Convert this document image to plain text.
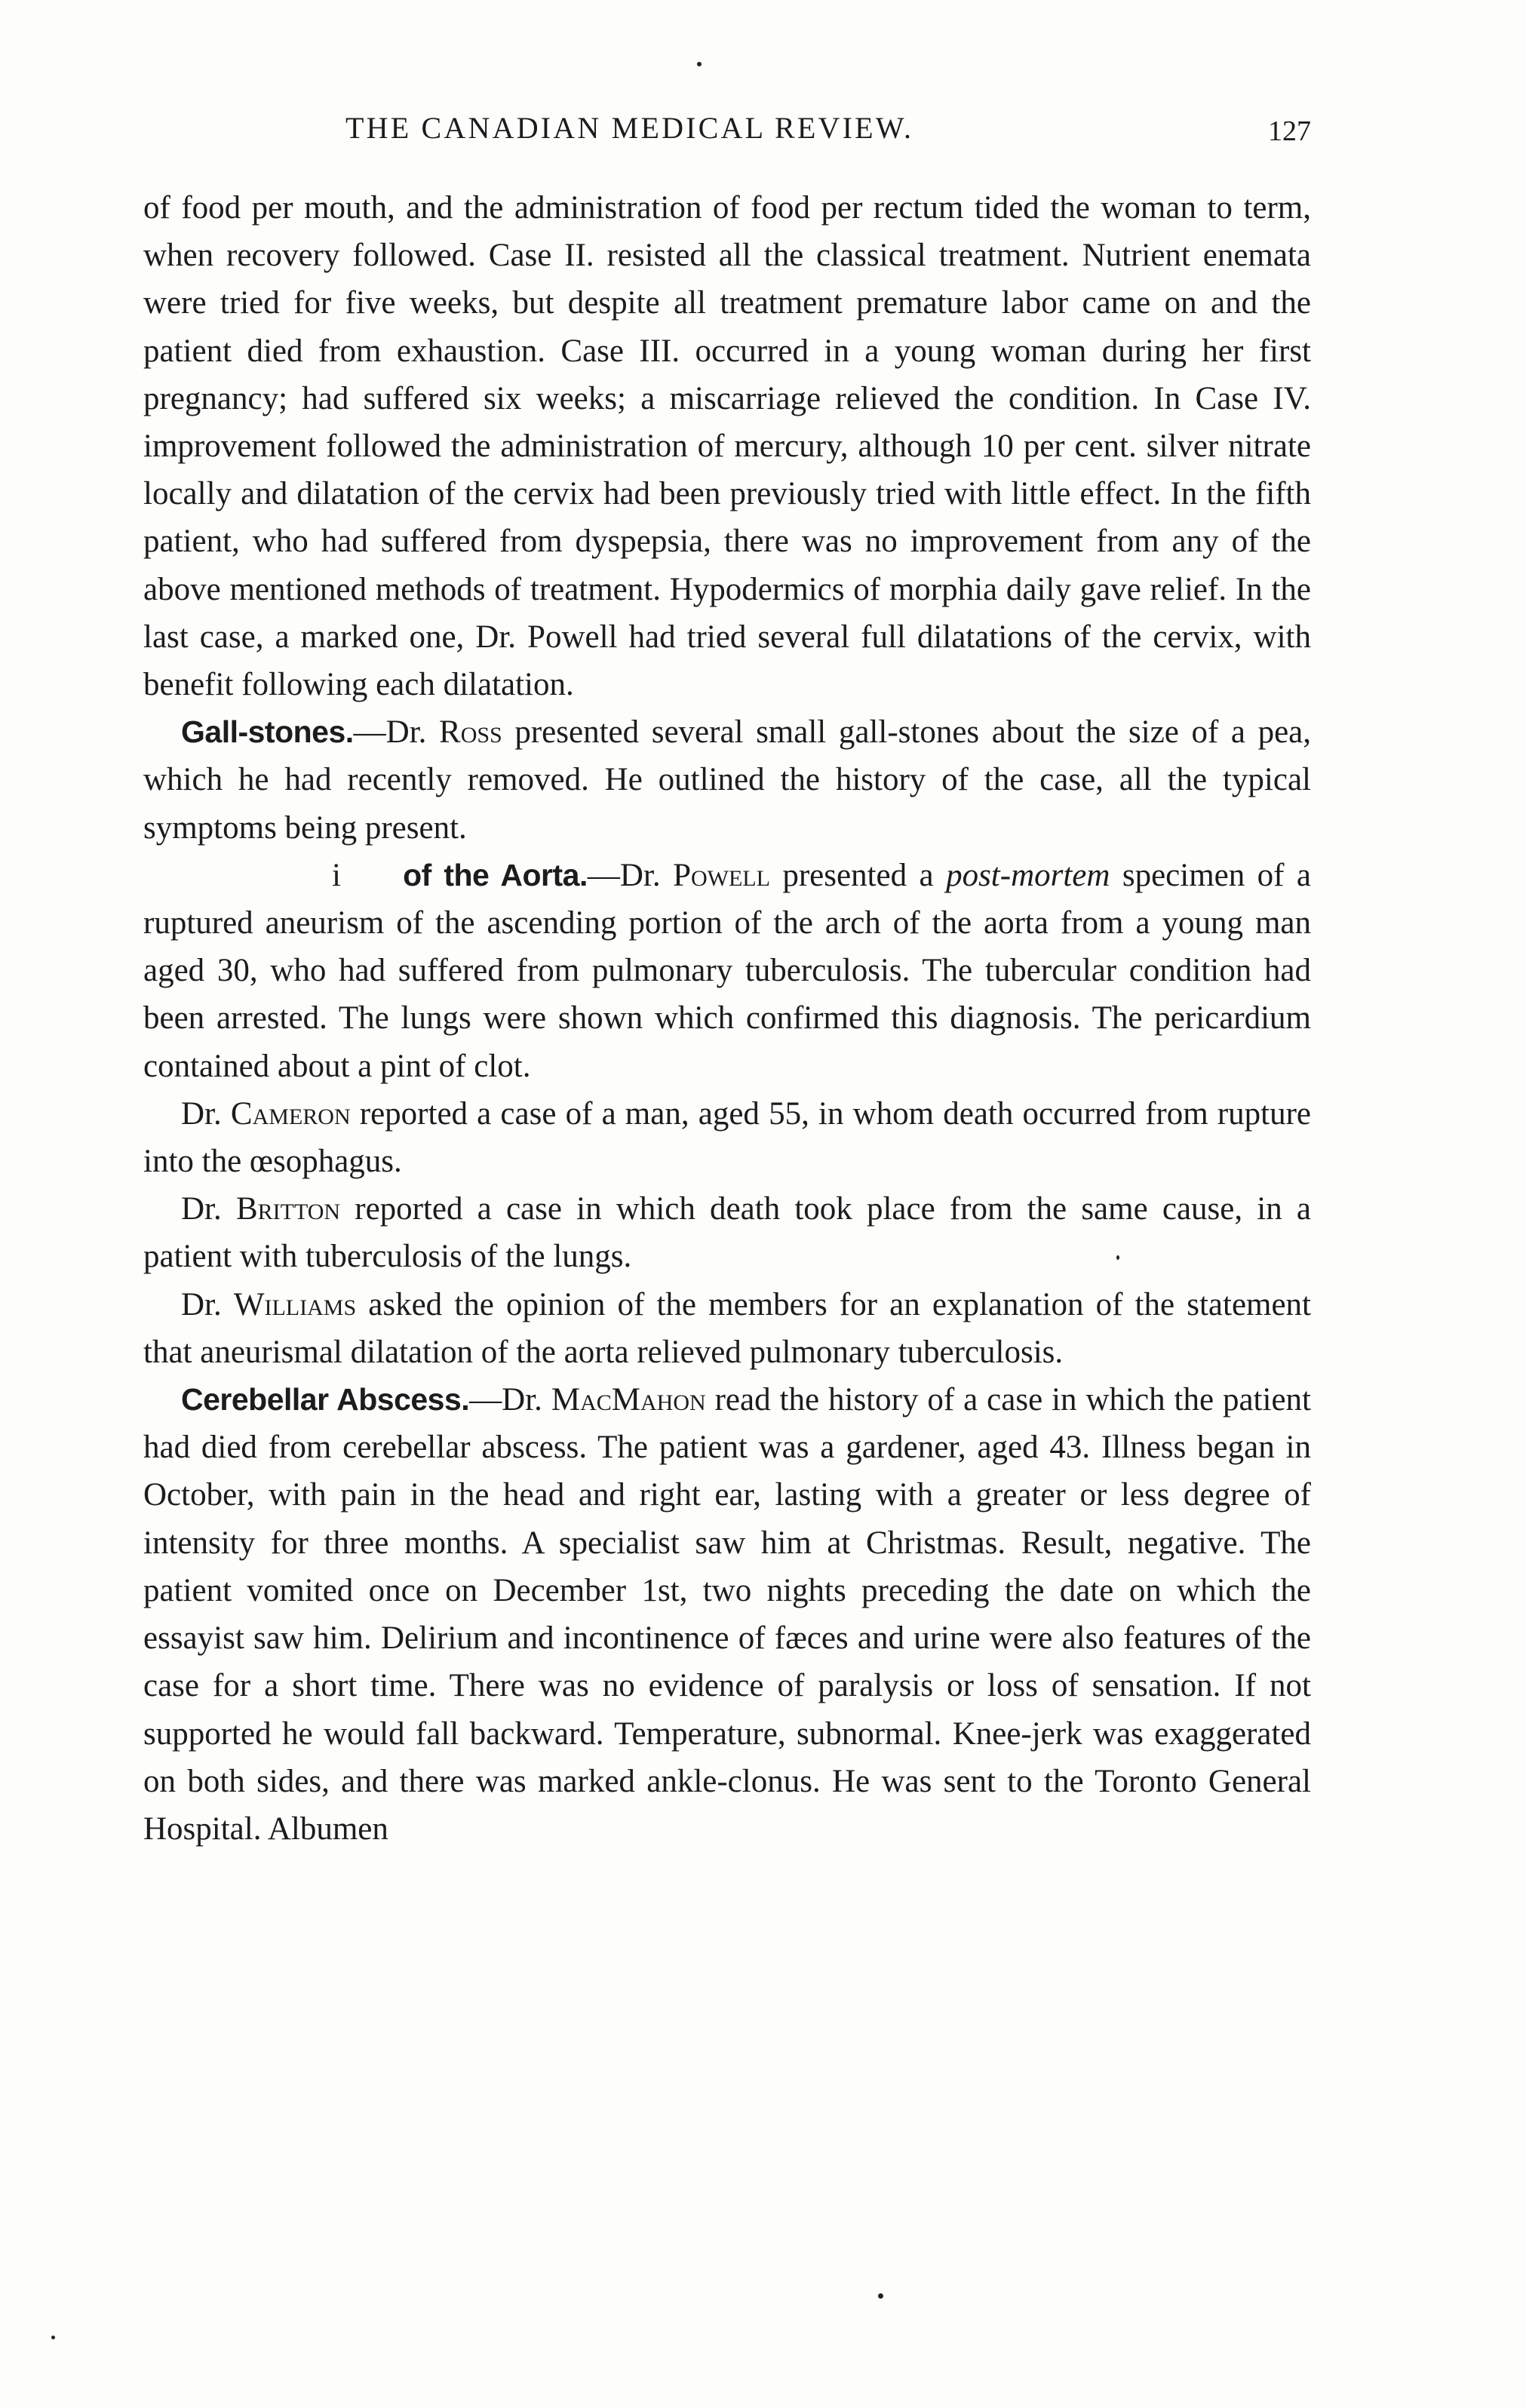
THE CANADIAN MEDICAL REVIEW.	127

of food per mouth, and the administration of food per rectum tided the woman to term, when recovery followed. Case II. resisted all the classical treatment. Nutrient enemata were tried for five weeks, but despite all treatment premature labor came on and the patient died from exhaustion. Case III. occurred in a young woman during her first pregnancy; had suffered six weeks; a miscarriage relieved the condition. In Case IV. improvement followed the administration of mercury, although 10 per cent. silver nitrate locally and dilatation of the cervix had been previously tried with little effect. In the fifth patient, who had suffered from dyspepsia, there was no improvement from any of the above mentioned methods of treatment. Hypodermics of morphia daily gave relief. In the last case, a marked one, Dr. Powell had tried several full dilatations of the cervix, with benefit following each dilatation.

Gall-stones.—Dr. Ross presented several small gall-stones about the size of a pea, which he had recently removed. He outlined the history of the case, all the typical symptoms being present.

i of the Aorta.—Dr. Powell presented a post-mortem specimen of a ruptured aneurism of the ascending portion of the arch of the aorta from a young man aged 30, who had suffered from pulmonary tuberculosis. The tubercular condition had been arrested. The lungs were shown which confirmed this diagnosis. The pericardium contained about a pint of clot.

Dr. Cameron reported a case of a man, aged 55, in whom death occurred from rupture into the œsophagus.

Dr. Britton reported a case in which death took place from the same cause, in a patient with tuberculosis of the lungs.

Dr. Williams asked the opinion of the members for an explanation of the statement that aneurismal dilatation of the aorta relieved pulmonary tuberculosis.

Cerebellar Abscess.—Dr. MacMahon read the history of a case in which the patient had died from cerebellar abscess. The patient was a gardener, aged 43. Illness began in October, with pain in the head and right ear, lasting with a greater or less degree of intensity for three months. A specialist saw him at Christmas. Result, negative. The patient vomited once on December 1st, two nights preceding the date on which the essayist saw him. Delirium and incontinence of fæces and urine were also features of the case for a short time. There was no evidence of paralysis or loss of sensation. If not supported he would fall backward. Temperature, subnormal. Knee-jerk was exaggerated on both sides, and there was marked ankle-clonus. He was sent to the Toronto General Hospital. Albumen
